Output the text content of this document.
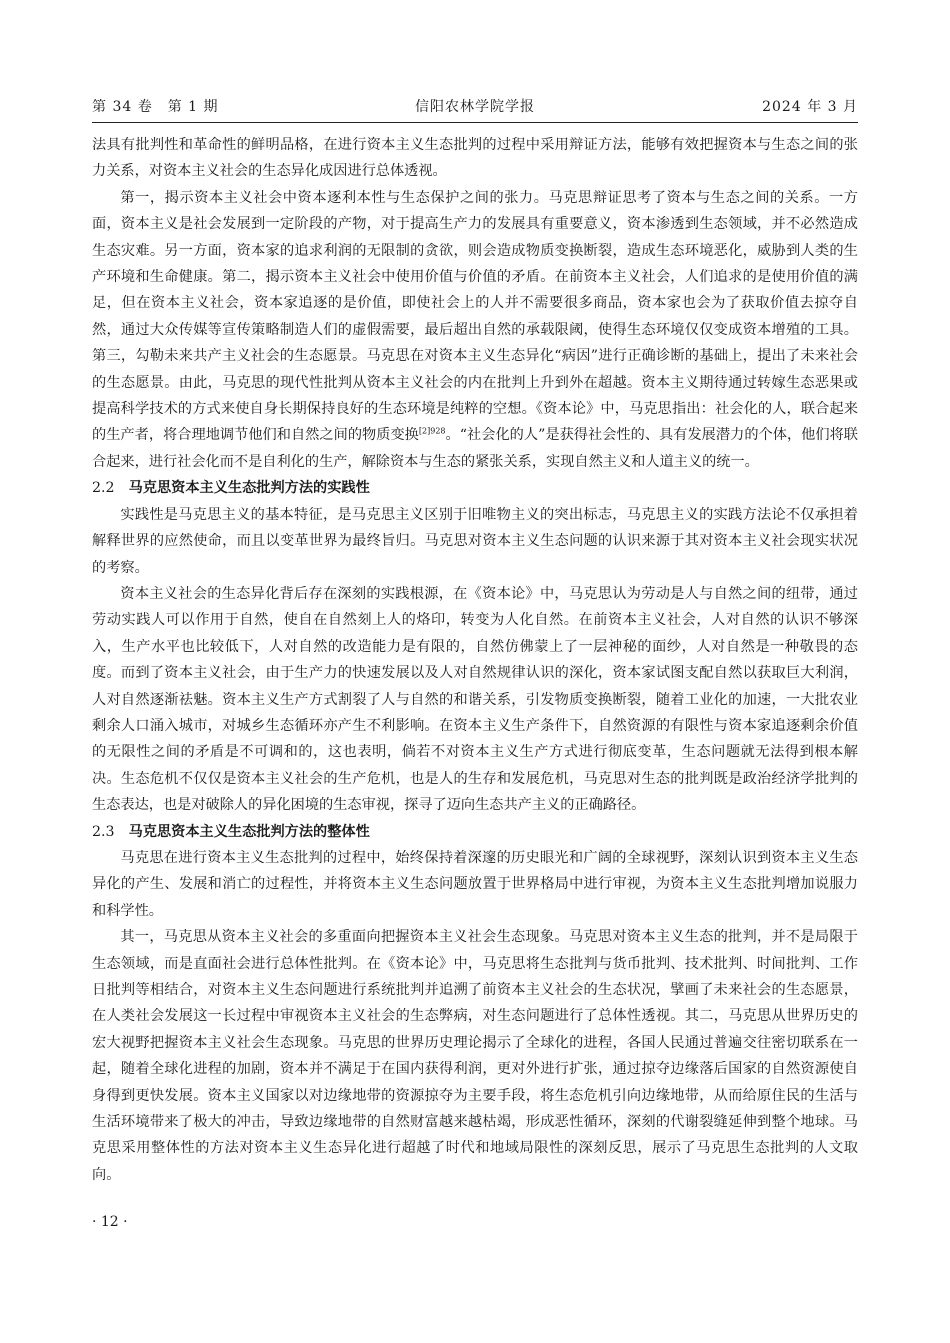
第 34 卷　第 1 期	信阳农林学院学报	2024 年 3 月

法具有批判性和革命性的鲜明品格，在进行资本主义生态批判的过程中采用辩证方法，能够有效把握资本与生态之间的张力关系，对资本主义社会的生态异化成因进行总体透视。

第一，揭示资本主义社会中资本逐利本性与生态保护之间的张力。马克思辩证思考了资本与生态之间的关系。一方面，资本主义是社会发展到一定阶段的产物，对于提高生产力的发展具有重要意义，资本渗透到生态领域，并不必然造成生态灾难。另一方面，资本家的追求利润的无限制的贪欲，则会造成物质变换断裂，造成生态环境恶化，威胁到人类的生产环境和生命健康。第二，揭示资本主义社会中使用价值与价值的矛盾。在前资本主义社会，人们追求的是使用价值的满足，但在资本主义社会，资本家追逐的是价值，即使社会上的人并不需要很多商品，资本家也会为了获取价值去掠夺自然，通过大众传媒等宣传策略制造人们的虚假需要，最后超出自然的承载限阈，使得生态环境仅仅变成资本增殖的工具。第三，勾勒未来共产主义社会的生态愿景。马克思在对资本主义生态异化“病因”进行正确诊断的基础上，提出了未来社会的生态愿景。由此，马克思的现代性批判从资本主义社会的内在批判上升到外在超越。资本主义期待通过转嫁生态恶果或提高科学技术的方式来使自身长期保持良好的生态环境是纯粹的空想。《资本论》中，马克思指出：社会化的人，联合起来的生产者，将合理地调节他们和自然之间的物质变换$^{[2]928}$。“社会化的人”是获得社会性的、具有发展潜力的个体，他们将联合起来，进行社会化而不是自利化的生产，解除资本与生态的紧张关系，实现自然主义和人道主义的统一。

2.2 马克思资本主义生态批判方法的实践性

实践性是马克思主义的基本特征，是马克思主义区别于旧唯物主义的突出标志，马克思主义的实践方法论不仅承担着解释世界的应然使命，而且以变革世界为最终旨归。马克思对资本主义生态问题的认识来源于其对资本主义社会现实状况的考察。

资本主义社会的生态异化背后存在深刻的实践根源，在《资本论》中，马克思认为劳动是人与自然之间的纽带，通过劳动实践人可以作用于自然，使自在自然刻上人的烙印，转变为人化自然。在前资本主义社会，人对自然的认识不够深入，生产水平也比较低下，人对自然的改造能力是有限的，自然仿佛蒙上了一层神秘的面纱，人对自然是一种敬畏的态度。而到了资本主义社会，由于生产力的快速发展以及人对自然规律认识的深化，资本家试图支配自然以获取巨大利润，人对自然逐渐祛魅。资本主义生产方式割裂了人与自然的和谐关系，引发物质变换断裂，随着工业化的加速，一大批农业剩余人口涌入城市，对城乡生态循环亦产生不利影响。在资本主义生产条件下，自然资源的有限性与资本家追逐剩余价值的无限性之间的矛盾是不可调和的，这也表明，倘若不对资本主义生产方式进行彻底变革，生态问题就无法得到根本解决。生态危机不仅仅是资本主义社会的生产危机，也是人的生存和发展危机，马克思对生态的批判既是政治经济学批判的生态表达，也是对破除人的异化困境的生态审视，探寻了迈向生态共产主义的正确路径。

2.3 马克思资本主义生态批判方法的整体性

马克思在进行资本主义生态批判的过程中，始终保持着深邃的历史眼光和广阔的全球视野，深刻认识到资本主义生态异化的产生、发展和消亡的过程性，并将资本主义生态问题放置于世界格局中进行审视，为资本主义生态批判增加说服力和科学性。

其一，马克思从资本主义社会的多重面向把握资本主义社会生态现象。马克思对资本主义生态的批判，并不是局限于生态领域，而是直面社会进行总体性批判。在《资本论》中，马克思将生态批判与货币批判、技术批判、时间批判、工作日批判等相结合，对资本主义生态问题进行系统批判并追溯了前资本主义社会的生态状况，擘画了未来社会的生态愿景，在人类社会发展这一长过程中审视资本主义社会的生态弊病，对生态问题进行了总体性透视。其二，马克思从世界历史的宏大视野把握资本主义社会生态现象。马克思的世界历史理论揭示了全球化的进程，各国人民通过普遍交往密切联系在一起，随着全球化进程的加剧，资本并不满足于在国内获得利润，更对外进行扩张，通过掠夺边缘落后国家的自然资源使自身得到更快发展。资本主义国家以对边缘地带的资源掠夺为主要手段，将生态危机引向边缘地带，从而给原住民的生活与生活环境带来了极大的冲击，导致边缘地带的自然财富越来越枯竭，形成恶性循环，深刻的代谢裂缝延伸到整个地球。马克思采用整体性的方法对资本主义生态异化进行超越了时代和地域局限性的深刻反思，展示了马克思生态批判的人文取向。

· 12 ·
